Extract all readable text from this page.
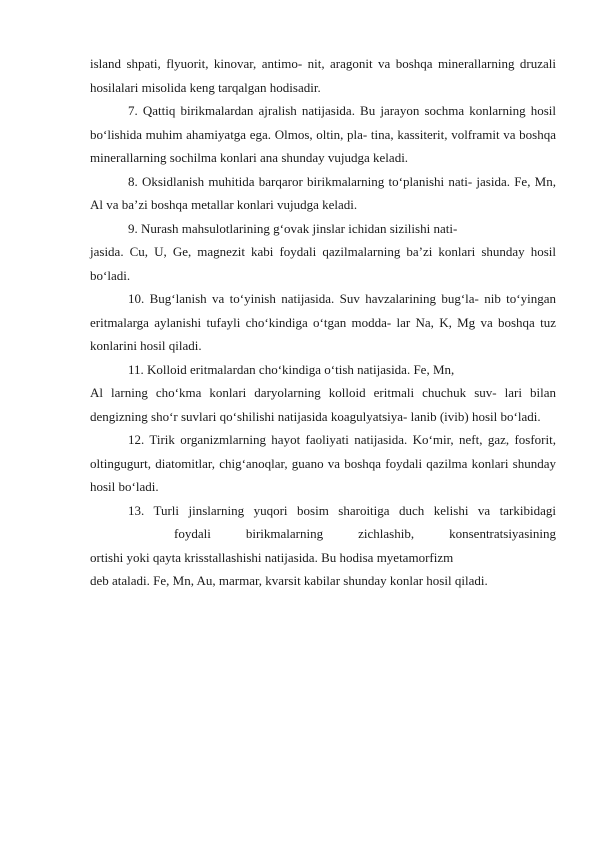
island shpati, flyuorit, kinovar, antimo- nit, aragonit va boshqa minerallarning druzali hosilalari misolida keng tarqalgan hodisadir.

7. Qattiq birikmalardan ajralish natijasida. Bu jarayon sochma konlarning hosil bo‘lishida muhim ahamiyatga ega. Olmos, oltin, pla- tina, kassiterit, volframit va boshqa minerallarning sochilma konlari ana shunday vujudga keladi.

8. Oksidlanish muhitida barqaror birikmalarning to‘planishi nati- jasida. Fe, Mn, Al va ba’zi boshqa metallar konlari vujudga keladi.

9. Nurash mahsulotlarining g‘ovak jinslar ichidan sizilishi nati-

jasida. Cu, U, Ge, magnezit kabi foydali qazilmalarning ba’zi konlari shunday hosil bo‘ladi.

10. Bug‘lanish va to‘yinish natijasida. Suv havzalarining bug‘la- nib to‘yingan eritmalarga aylanishi tufayli cho‘kindiga o‘tgan modda- lar Na, K, Mg va boshqa tuz konlarini hosil qiladi.

11. Kolloid eritmalardan cho‘kindiga o‘tish natijasida. Fe, Mn,

Al larning cho‘kma konlari daryolarning kolloid eritmali chuchuk suv- lari bilan dengizning sho‘r suvlari qo‘shilishi natijasida koagulyatsiya- lanib (ivib) hosil bo‘ladi.

12. Tirik organizmlarning hayot faoliyati natijasida. Ko‘mir, neft, gaz, fosforit, oltingugurt, diatomitlar, chig‘anoqlar, guano va boshqa foydali qazilma konlari shunday hosil bo‘ladi.

13. Turli jinslarning yuqori bosim sharoitiga duch kelishi va tarkibidagi
foydali birikmalarning zichlashib, konsentratsiyasining
ortishi yoki qayta krisstallashishi natijasida. Bu hodisa myetamorfizm
deb ataladi. Fe, Mn, Au, marmar, kvarsit kabilar shunday konlar hosil qiladi.
